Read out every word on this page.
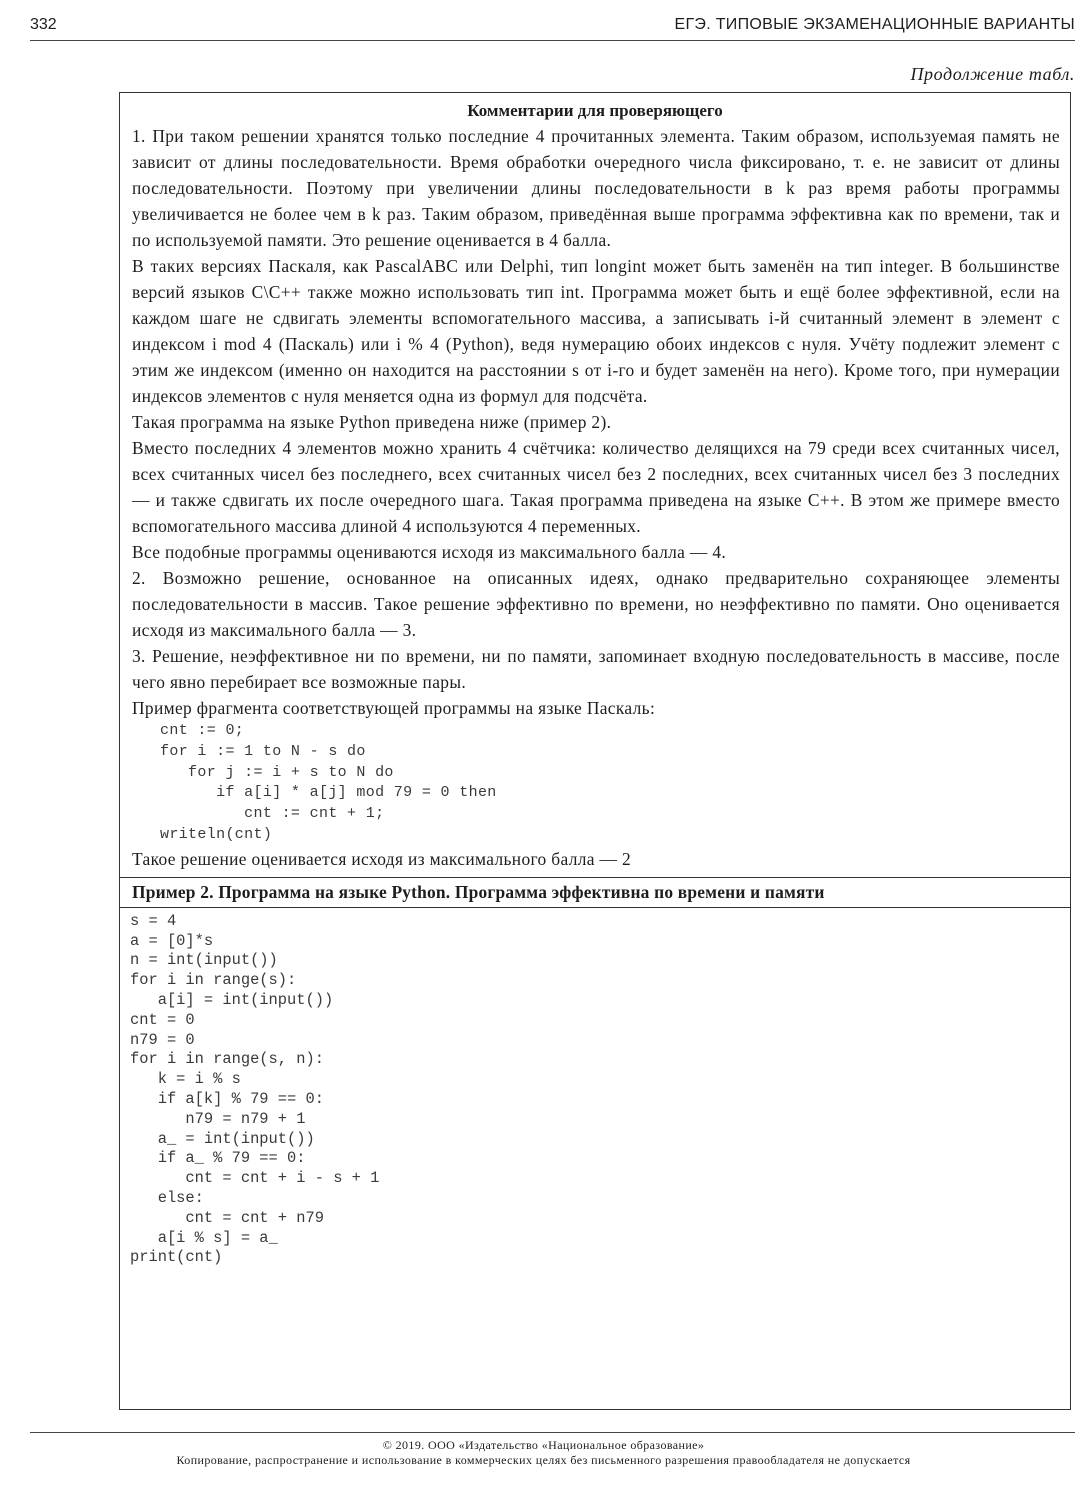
332	ЕГЭ. ТИПОВЫЕ ЭКЗАМЕНАЦИОННЫЕ ВАРИАНТЫ
Продолжение табл.
Комментарии для проверяющего

1. При таком решении хранятся только последние 4 прочитанных элемента. Таким образом, используемая память не зависит от длины последовательности. Время обработки очередного числа фиксировано, т. е. не зависит от длины последовательности. Поэтому при увеличении длины последовательности в k раз время работы программы увеличивается не более чем в k раз. Таким образом, приведённая выше программа эффективна как по времени, так и по используемой памяти. Это решение оценивается в 4 балла.

В таких версиях Паскаля, как PascalABC или Delphi, тип longint может быть заменён на тип integer. В большинстве версий языков C\C++ также можно использовать тип int. Программа может быть и ещё более эффективной, если на каждом шаге не сдвигать элементы вспомогательного массива, а записывать i-й считанный элемент в элемент с индексом i mod 4 (Паскаль) или i % 4 (Python), ведя нумерацию обоих индексов с нуля. Учёту подлежит элемент с этим же индексом (именно он находится на расстоянии s от i-го и будет заменён на него). Кроме того, при нумерации индексов элементов с нуля меняется одна из формул для подсчёта.

Такая программа на языке Python приведена ниже (пример 2).

Вместо последних 4 элементов можно хранить 4 счётчика: количество делящихся на 79 среди всех считанных чисел, всех считанных чисел без последнего, всех считанных чисел без 2 последних, всех считанных чисел без 3 последних — и также сдвигать их после очередного шага. Такая программа приведена на языке C++. В этом же примере вместо вспомогательного массива длиной 4 используются 4 переменных.

Все подобные программы оцениваются исходя из максимального балла — 4.

2. Возможно решение, основанное на описанных идеях, однако предварительно сохраняющее элементы последовательности в массив. Такое решение эффективно по времени, но неэффективно по памяти. Оно оценивается исходя из максимального балла — 3.

3. Решение, неэффективное ни по времени, ни по памяти, запоминает входную последовательность в массиве, после чего явно перебирает все возможные пары.

Пример фрагмента соответствующей программы на языке Паскаль:

cnt := 0;
for i := 1 to N - s do
for j := i + s to N do
if a[i] * a[j] mod 79 = 0 then
cnt := cnt + 1;
writeln(cnt)

Такое решение оценивается исходя из максимального балла — 2

Пример 2. Программа на языке Python. Программа эффективна по времени и памяти
s = 4
a = [0]*s
n = int(input())
for i in range(s):
a[i] = int(input())
cnt = 0
n79 = 0
for i in range(s, n):
k = i % s
if a[k] % 79 == 0:
n79 = n79 + 1
a_ = int(input())
if a_ % 79 == 0:
cnt = cnt + i - s + 1
else:
cnt = cnt + n79
a[i % s] = a_
print(cnt)
© 2019. ООО «Издательство «Национальное образование»
Копирование, распространение и использование в коммерческих целях без письменного разрешения правообладателя не допускается
